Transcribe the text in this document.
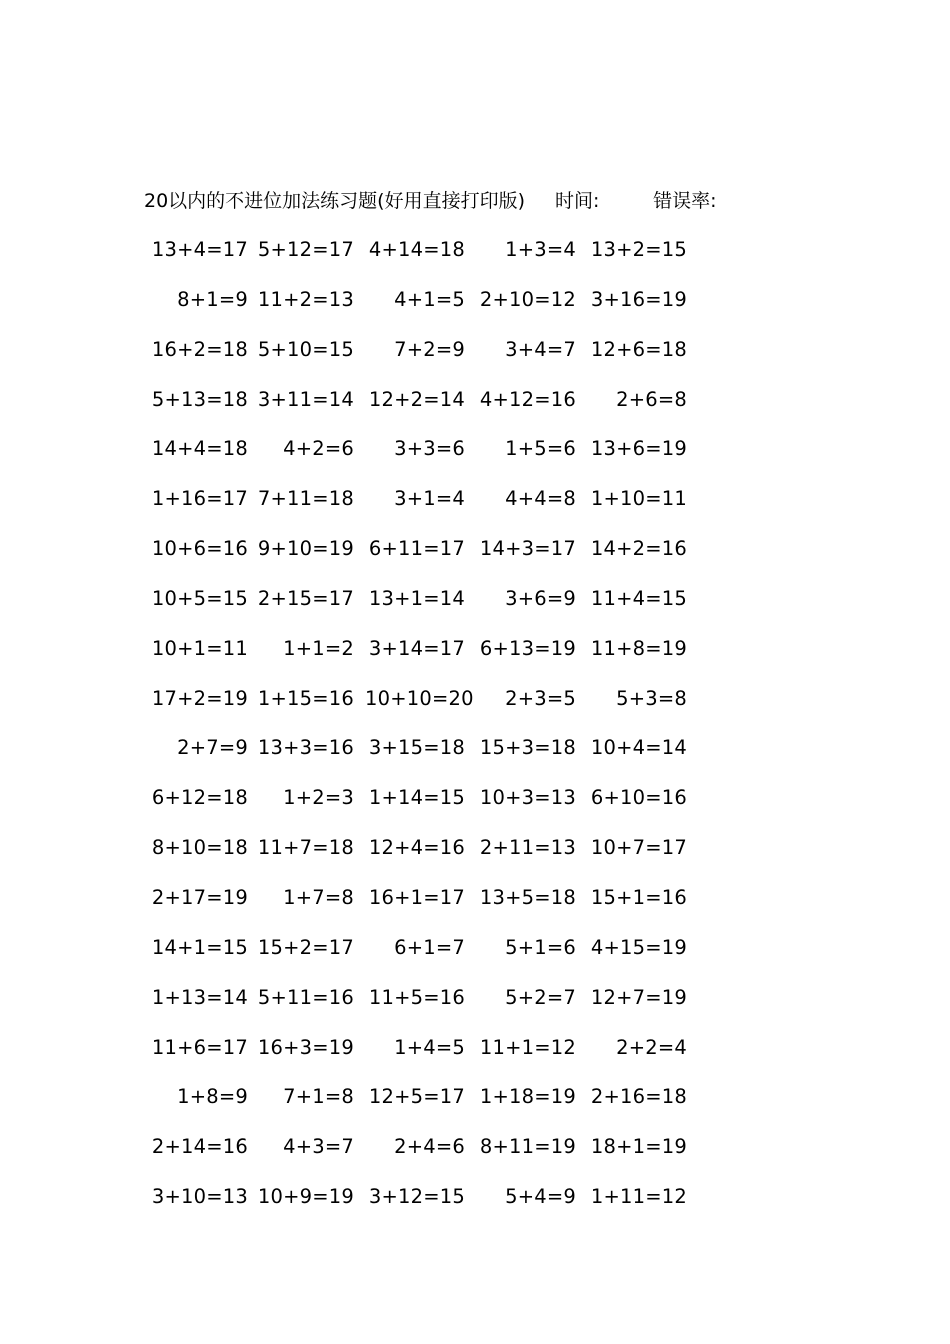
20以内的不进位加法练习题(好用直接打印版) 时间:	错误率:
13+4=17 5+12=17 4+14=18	1+3=4 13+2=15
8+1=9 11+2=13	4+1=5 2+10=12 3+16=19
16+2=18 5+10=15	7+2=9	3+4=7 12+6=18
5+13=18 3+11=14 12+2=14 4+12=16	2+6=8
14+4=18	4+2=6	3+3=6	1+5=6 13+6=19
1+16=17 7+11=18	3+1=4	4+4=8 1+10=11
10+6=16 9+10=19 6+11=17 14+3=17 14+2=16
10+5=15 2+15=17 13+1=14	3+6=9 11+4=15
10+1=11	1+1=2 3+14=17 6+13=19 11+8=19
17+2=19 1+15=16 10+10=20	2+3=5	5+3=8
2+7=9 13+3=16 3+15=18 15+3=18 10+4=14
6+12=18	1+2=3 1+14=15 10+3=13 6+10=16
8+10=18 11+7=18 12+4=16 2+11=13 10+7=17
2+17=19	1+7=8 16+1=17 13+5=18 15+1=16
14+1=15 15+2=17	6+1=7	5+1=6 4+15=19
1+13=14 5+11=16 11+5=16	5+2=7 12+7=19
11+6=17 16+3=19	1+4=5 11+1=12	2+2=4
1+8=9	7+1=8 12+5=17 1+18=19 2+16=18
2+14=16	4+3=7	2+4=6 8+11=19 18+1=19
3+10=13 10+9=19 3+12=15	5+4=9 1+11=12
